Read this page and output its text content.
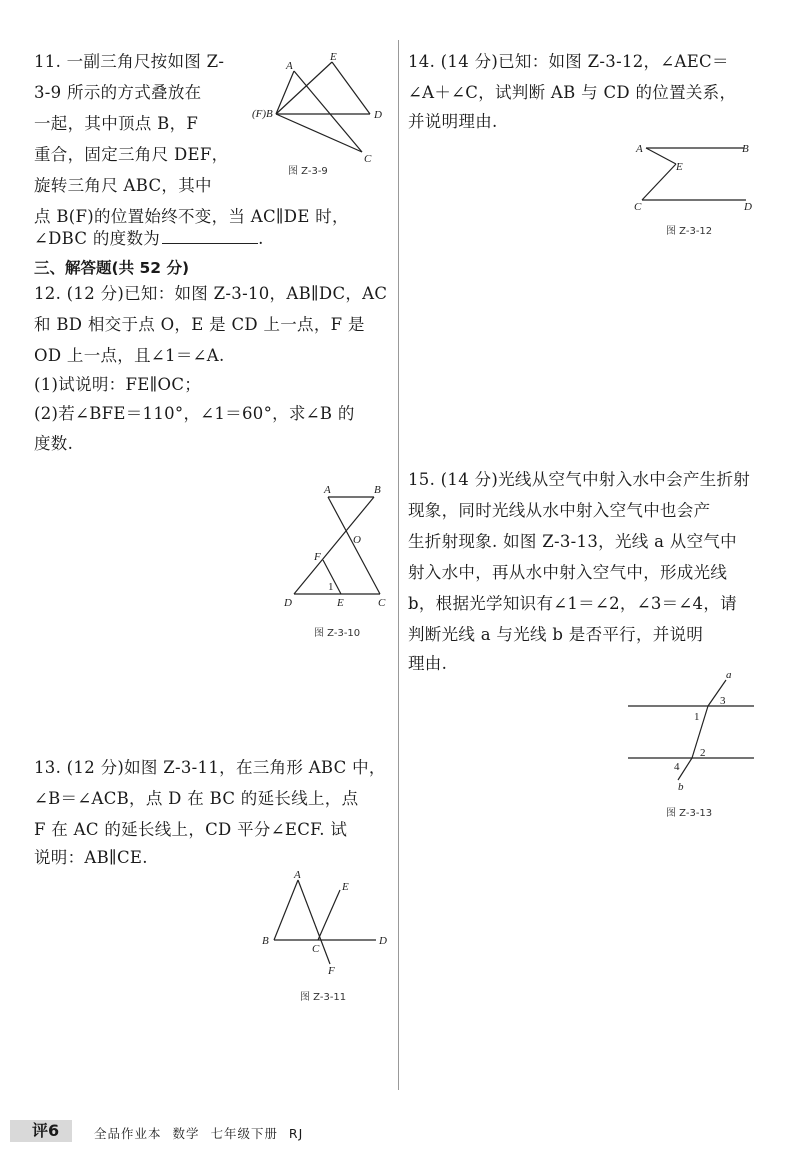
11. 一副三角尺按如图 Z-
3-9 所示的方式叠放在
一起，其中顶点 B，F
重合，固定三角尺 DEF，
旋转三角尺 ABC，其中
点 B(F)的位置始终不变，当 AC∥DE 时，
∠DBC 的度数为	.
A
E
(F)B	D
C
图 Z-3-9
三、解答题(共 52 分)
12. (12 分)已知：如图 Z-3-10，AB∥DC，AC
和 BD 相交于点 O，E 是 CD 上一点，F 是
OD 上一点，且∠1＝∠A.
(1)试说明：FE∥OC；
(2)若∠BFE＝110°，∠1＝60°，求∠B 的
度数.
A	B
O
F
1
D	E	C
图 Z-3-10
13. (12 分)如图 Z-3-11，在三角形 ABC 中，
∠B＝∠ACB，点 D 在 BC 的延长线上，点
F 在 AC 的延长线上，CD 平分∠ECF. 试
说明：AB∥CE.
A
E
B
C
D
F
图 Z-3-11
14. (14 分)已知：如图 Z-3-12，∠AEC＝
∠A＋∠C，试判断 AB 与 CD 的位置关系，
并说明理由.
A	B
E
C	D
图 Z-3-12
15. (14 分)光线从空气中射入水中会产生折射
现象，同时光线从水中射入空气中也会产
生折射现象. 如图 Z-3-13，光线 a 从空气中
射入水中，再从水中射入空气中，形成光线
b，根据光学知识有∠1＝∠2，∠3＝∠4，请
判断光线 a 与光线 b 是否平行，并说明
理由.
a
3
1
2
4
b
图 Z-3-13
评6	全品作业本 数学 七年级下册 RJ
